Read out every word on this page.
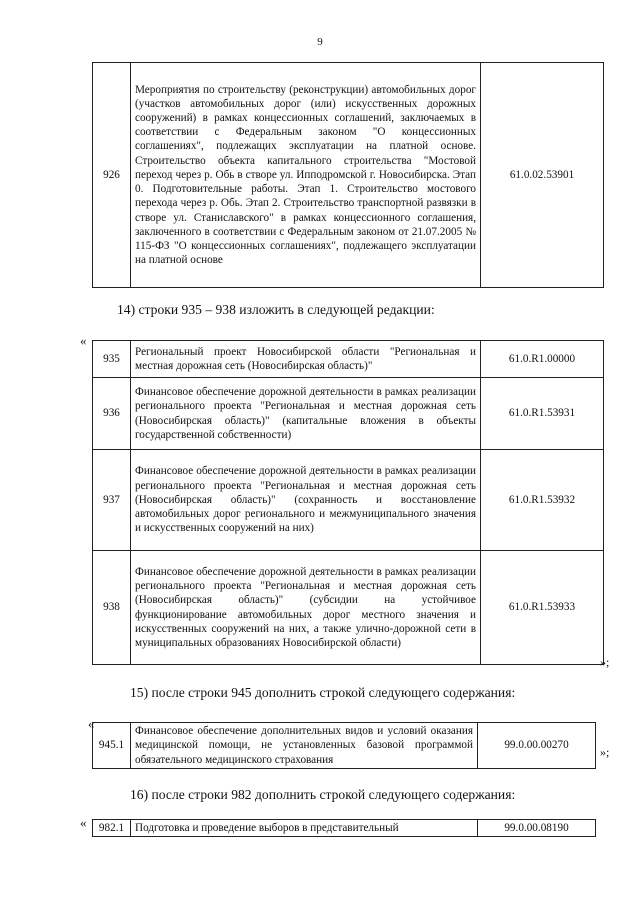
9
926	Мероприятия по строительству (реконструкции) автомобильных дорог (участков автомобильных дорог (или) искусственных дорожных сооружений) в рамках концессионных соглашений, заключаемых в соответствии с Федеральным законом "О концессионных соглашениях", подлежащих эксплуатации на платной основе. Строительство объекта капитального строительства "Мостовой переход через р. Обь в створе ул. Ипподромской г. Новосибирска. Этап 0. Подготовительные работы. Этап 1. Строительство мостового перехода через р. Обь. Этап 2. Строительство транспортной развязки в створе ул. Станиславского" в рамках концессионного соглашения, заключенного в соответствии с Федеральным законом от 21.07.2005 № 115-ФЗ "О концессионных соглашениях", подлежащего эксплуатации на платной основе	61.0.02.53901
14) строки 935 – 938 изложить в следующей редакции:
«
935	Региональный проект Новосибирской области "Региональная и местная дорожная сеть (Новосибирская область)"	61.0.R1.00000
936	Финансовое обеспечение дорожной деятельности в рамках реализации регионального проекта "Региональная и местная дорожная сеть (Новосибирская область)" (капитальные вложения в объекты государственной собственности)	61.0.R1.53931
937	Финансовое обеспечение дорожной деятельности в рамках реализации регионального проекта "Региональная и местная дорожная сеть (Новосибирская область)" (сохранность и восстановление автомобильных дорог регионального и межмуниципального значения и искусственных сооружений на них)	61.0.R1.53932
938	Финансовое обеспечение дорожной деятельности в рамках реализации регионального проекта "Региональная и местная дорожная сеть (Новосибирская область)" (субсидии на устойчивое функционирование автомобильных дорог местного значения и искусственных сооружений на них, а также улично-дорожной сети в муниципальных образованиях Новосибирской области)	61.0.R1.53933
»;
15) после строки 945 дополнить строкой следующего содержания:
«
945.1	Финансовое обеспечение дополнительных видов и условий оказания медицинской помощи, не установленных базовой программой обязательного медицинского страхования	99.0.00.00270	»;
16) после строки 982 дополнить строкой следующего содержания:
« 982.1	Подготовка и проведение выборов в представительный	99.0.00.08190
